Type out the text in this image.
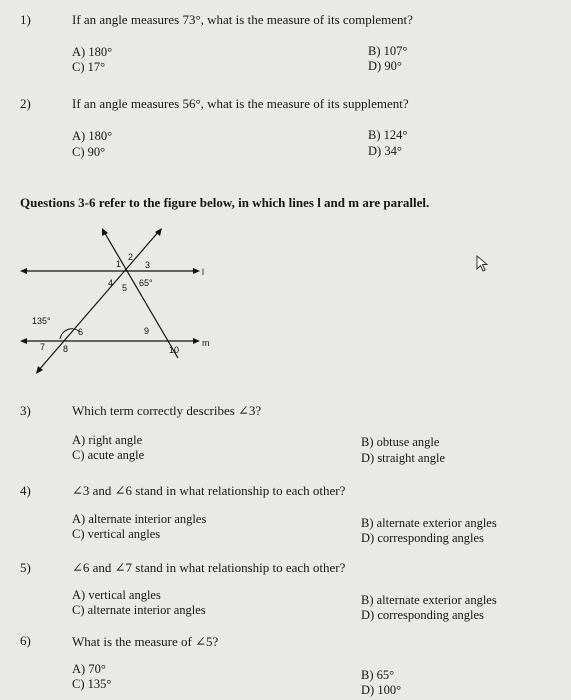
1)	If an angle measures 73°, what is the measure of its complement?
A) 180°	B) 107°
C) 17°	D) 90°
2)	If an angle measures 56°, what is the measure of its supplement?
A) 180°	B) 124°
C) 90°	D) 34°
Questions 3-6 refer to the figure below, in which lines l and m are parallel.
l
m
1
2
3
4 5 65°
135°
6	9
7 8	10
3)	Which term correctly describes ∠3?
A) right angle	B) obtuse angle
C) acute angle	D) straight angle
4)	∠3 and ∠6 stand in what relationship to each other?
A) alternate interior angles	B) alternate exterior angles
C) vertical angles	D) corresponding angles
5)	∠6 and ∠7 stand in what relationship to each other?
A) vertical angles	B) alternate exterior angles
C) alternate interior angles	D) corresponding angles
6)	What is the measure of ∠5?
A) 70°	B) 65°
C) 135°	D) 100°
